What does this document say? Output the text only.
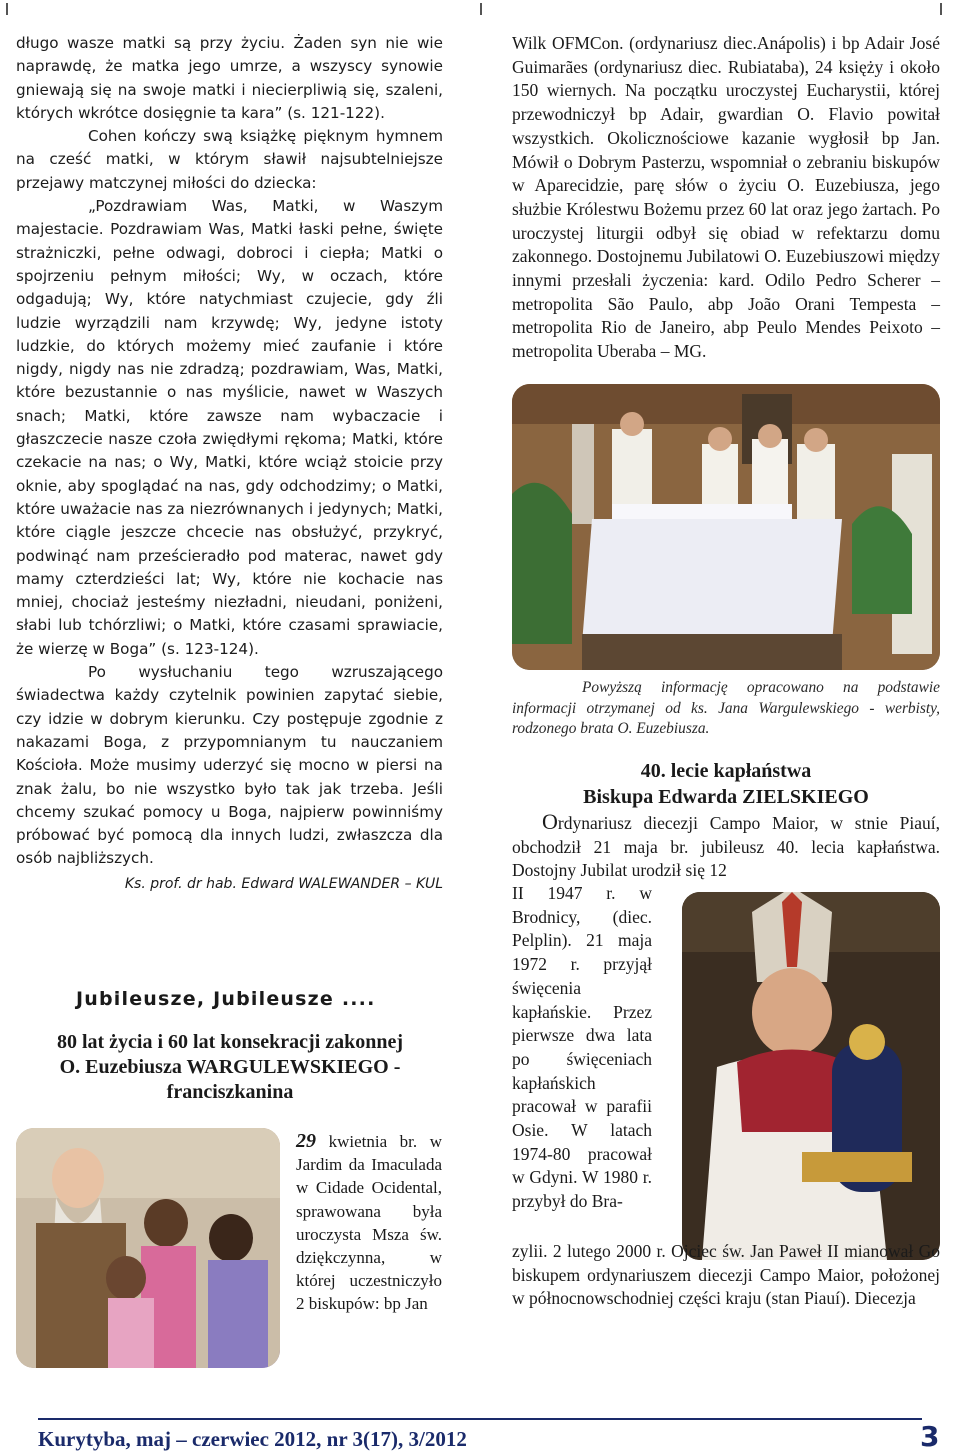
długo wasze matki są przy życiu. Żaden syn nie wie naprawdę, że matka jego umrze, a wszyscy synowie gniewają się na swoje matki i niecierpliwią się, szaleni, których wkrótce dosięgnie ta kara” (s. 121-122).

Cohen kończy swą książkę pięknym hymnem na cześć matki, w którym sławił najsubtelniejsze przejawy matczynej miłości do dziecka:

„Pozdrawiam Was, Matki, w Waszym majestacie. Pozdrawiam Was, Matki łaski pełne, święte strażniczki, pełne odwagi, dobroci i ciepła; Matki o spojrzeniu pełnym miłości; Wy, w oczach, które odgadują; Wy, które natychmiast czujecie, gdy źli ludzie wyrządzili nam krzywdę; Wy, jedyne istoty ludzkie, do których możemy mieć zaufanie i które nigdy, nigdy nas nie zdradzą; pozdrawiam, Was, Matki, które bezustannie o nas myślicie, nawet w Waszych snach; Matki, które zawsze nam wybaczacie i głaszczecie nasze czoła zwiędłymi rękoma; Matki, które czekacie na nas; o Wy, Matki, które wciąż stoicie przy oknie, aby spoglądać na nas, gdy odchodzimy; o Matki, które uważacie nas za niezrównanych i jedynych; Matki, które ciągle jeszcze chcecie nas obsłużyć, przykryć, podwinąć nam prześcieradło pod materac, nawet gdy mamy czterdzieści lat; Wy, które nie kochacie nas mniej, chociaż jesteśmy niezładni, nieudani, poniżeni, słabi lub tchórzliwi; o Matki, które czasami sprawiacie, że wierzę w Boga” (s. 123-124).

Po wysłuchaniu tego wzruszającego świadectwa każdy czytelnik powinien zapytać siebie, czy idzie w dobrym kierunku. Czy postępuje zgodnie z nakazami Boga, z przypomnianym tu nauczaniem Kościoła. Może musimy uderzyć się mocno w piersi na znak żalu, bo nie wszystko było tak jak trzeba. Jeśli chcemy szukać pomocy u Boga, najpierw powinniśmy próbować być pomocą dla innych ludzi, zwłaszcza dla osób najbliższych.

Ks. prof. dr hab. Edward WALEWANDER – KUL

Jubileusze, Jubileusze ....
80 lat życia i 60 lat konsekracji zakonnej
O. Euzebiusza WARGULEWSKIEGO -
franciszkanina
29 kwietnia br. w Jardim da Imaculada w Cidade Ocidental, sprawowana była uroczysta Msza św. dziękczynna, w której uczestniczyło 2 biskupów: bp Jan

Wilk OFMCon. (ordynariusz diec.Anápolis) i bp Adair José Guimarães (ordynariusz diec. Rubiataba), 24 księży i około 150 wiernych. Na początku uroczystej Eucharystii, której przewodniczył bp Adair, gwardian O. Flavio powitał wszystkich. Okolicznościowe kazanie wygłosił bp Jan. Mówił o Dobrym Pasterzu, wspomniał o zebraniu biskupów w Aparecidzie, parę słów o życiu O. Euzebiusza, jego służbie Królestwu Bożemu przez 60 lat oraz jego żartach. Po uroczystej liturgii odbył się obiad w refektarzu domu zakonnego. Dostojnemu Jubilatowi O. Euzebiuszowi między innymi przesłali życzenia: kard. Odilo Pedro Scherer – metropolita São Paulo, abp João Orani Tempesta – metropolita Rio de Janeiro, abp Peulo Mendes Peixoto – metropolita Uberaba – MG.

Powyższą informację opracowano na podstawie informacji otrzymanej od ks. Jana Wargulewskiego - werbisty, rodzonego brata O. Euzebiusza.

40. lecie kapłaństwa
Biskupa Edwarda ZIELSKIEGO

Ordynariusz diecezji Campo Maior, w stnie Piauí, obchodził 21 maja br. jubileusz 40. lecia kapłaństwa. Dostojny Jubilat urodził się 12

II 1947 r. w Brodnicy, (diec. Pelplin). 21 maja 1972 r. przyjął święcenia kapłańskie. Przez pierwsze dwa lata po święceniach kapłańskich pracował w parafii Osie. W latach 1974-80 pracował w Gdyni. W 1980 r. przybył do Bra-

zylii. 2 lutego 2000 r. Ojciec św. Jan Paweł II mianował Go biskupem ordynariuszem diecezji Campo Maior, położonej w północnowschodniej części kraju (stan Piauí). Diecezja

Kurytyba, maj – czerwiec 2012, nr 3(17), 3/2012	3
